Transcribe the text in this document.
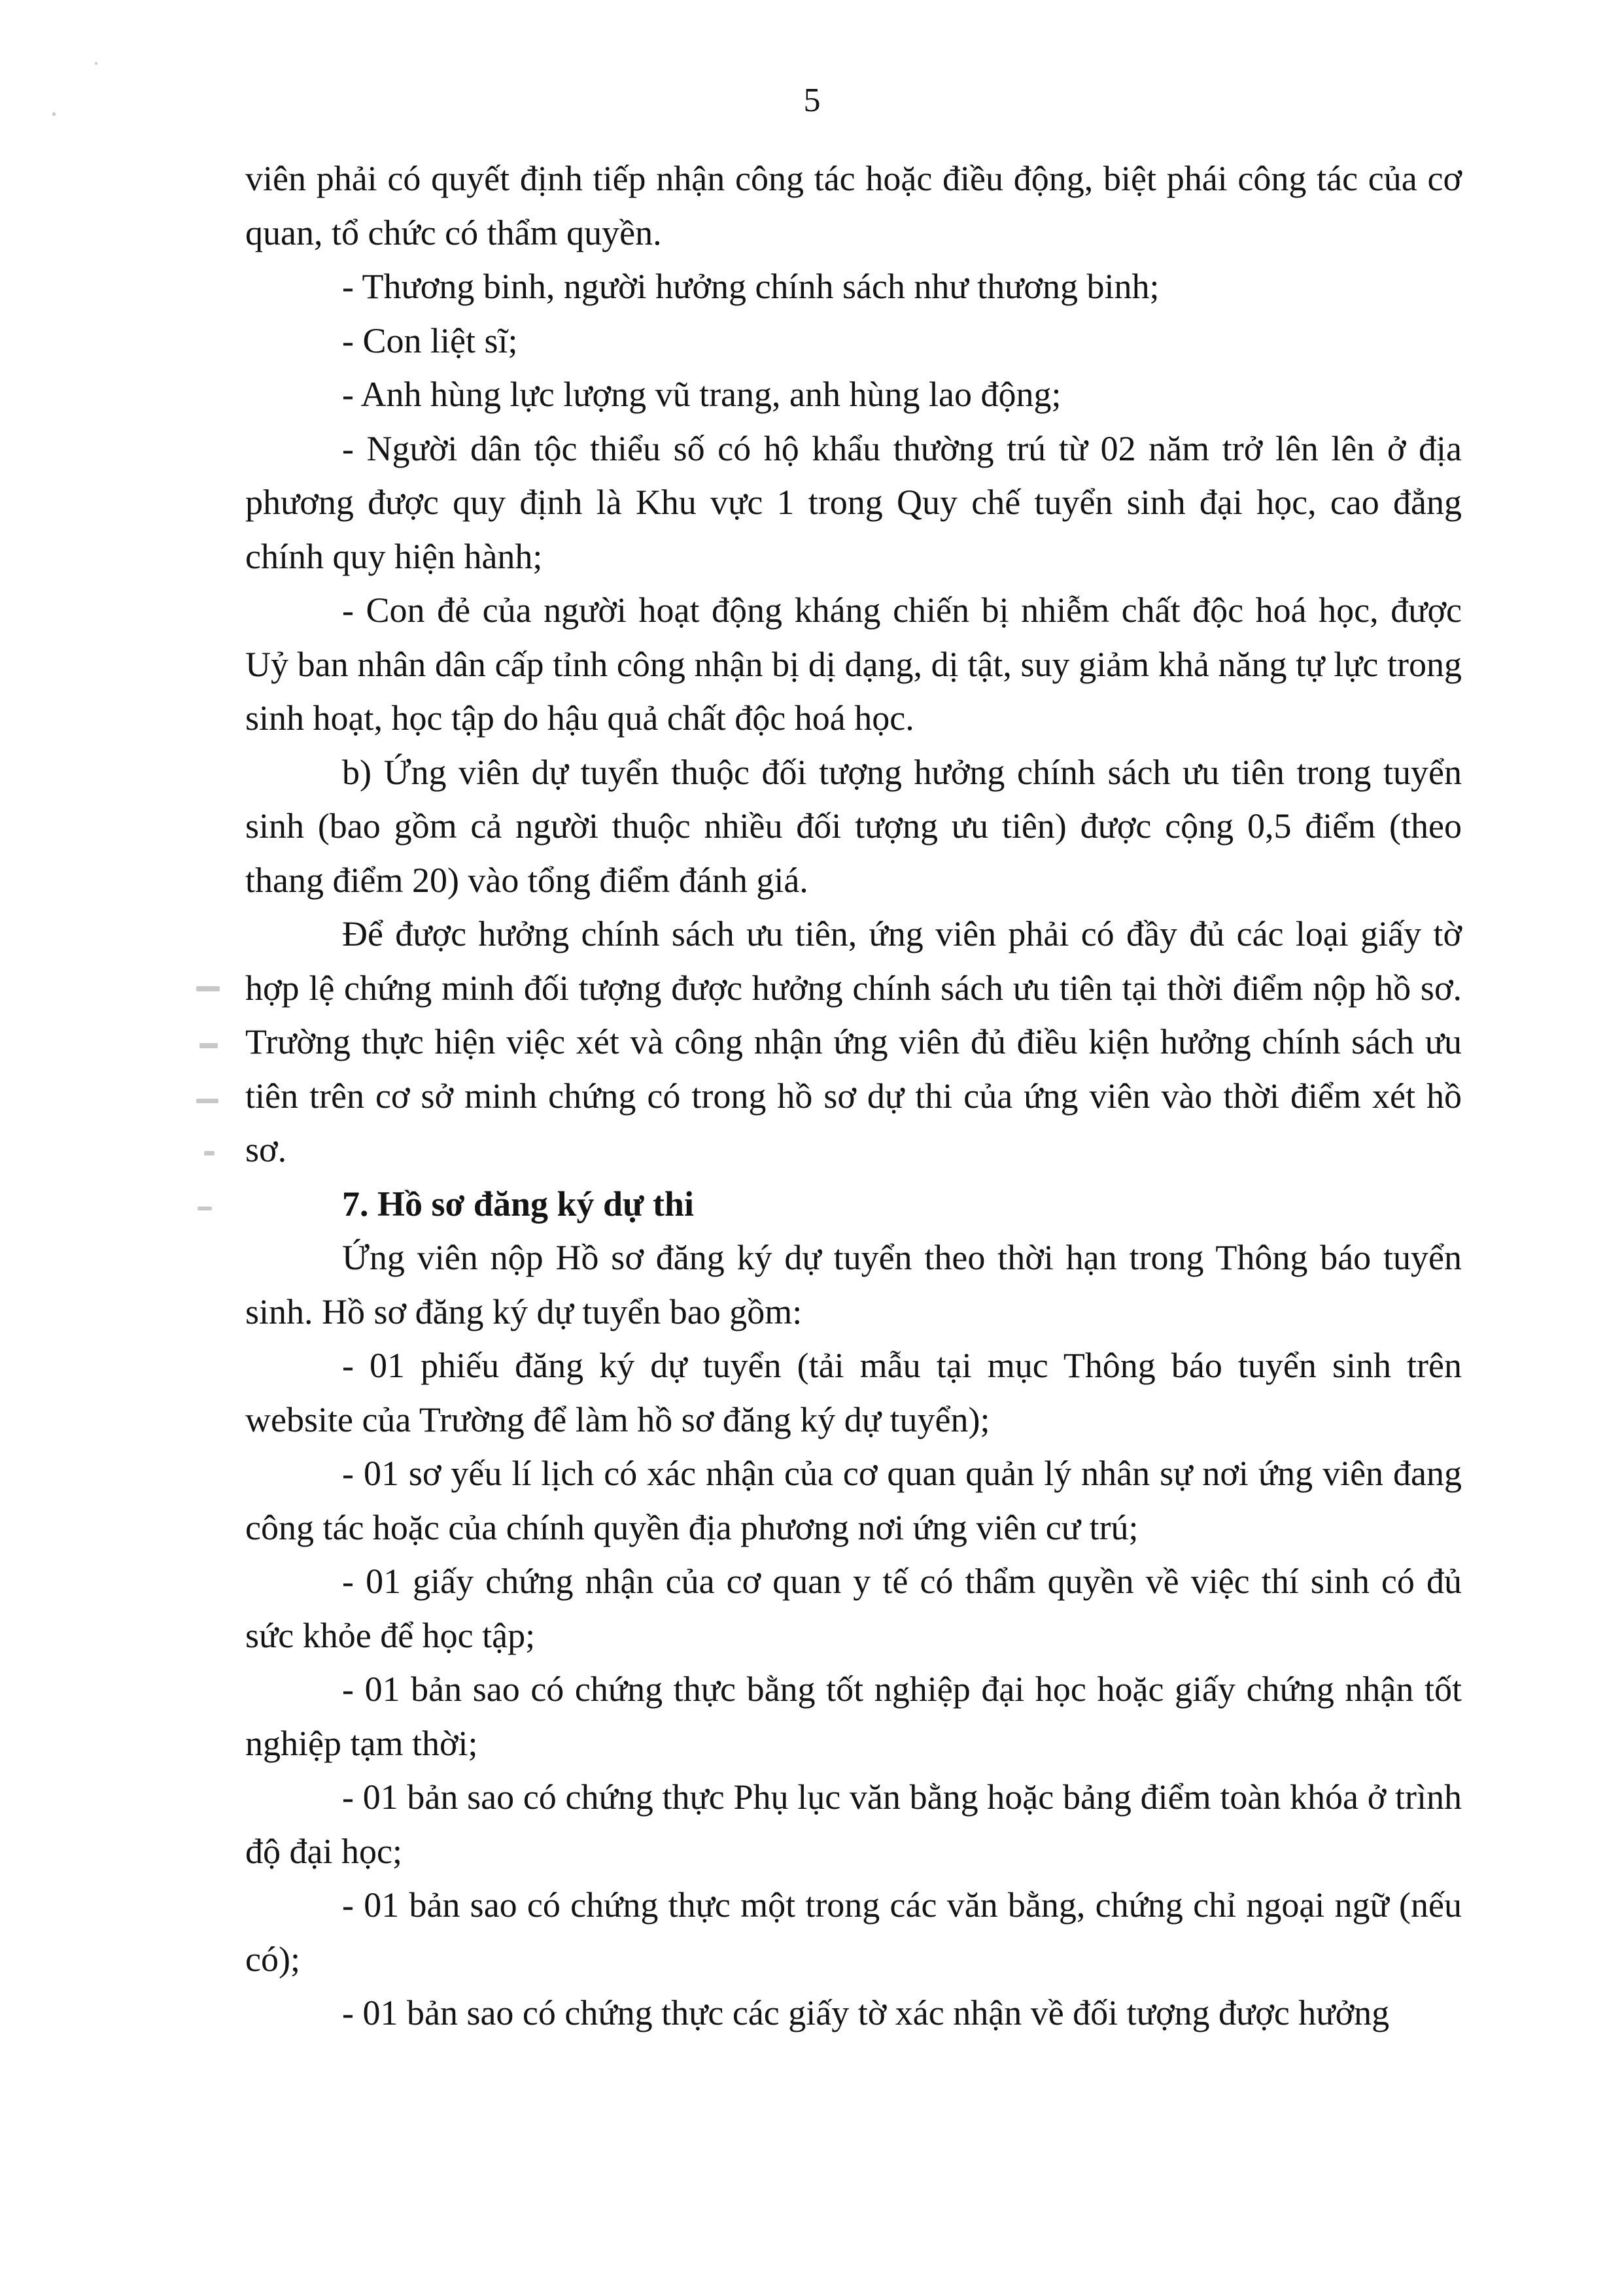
5

viên phải có quyết định tiếp nhận công tác hoặc điều động, biệt phái công tác của cơ quan, tổ chức có thẩm quyền.

- Thương binh, người hưởng chính sách như thương binh;

- Con liệt sĩ;

- Anh hùng lực lượng vũ trang, anh hùng lao động;

- Người dân tộc thiểu số có hộ khẩu thường trú từ 02 năm trở lên lên ở địa phương được quy định là Khu vực 1 trong Quy chế tuyển sinh đại học, cao đẳng chính quy hiện hành;

- Con đẻ của người hoạt động kháng chiến bị nhiễm chất độc hoá học, được Uỷ ban nhân dân cấp tỉnh công nhận bị dị dạng, dị tật, suy giảm khả năng tự lực trong sinh hoạt, học tập do hậu quả chất độc hoá học.

b) Ứng viên dự tuyển thuộc đối tượng hưởng chính sách ưu tiên trong tuyển sinh (bao gồm cả người thuộc nhiều đối tượng ưu tiên) được cộng 0,5 điểm (theo thang điểm 20) vào tổng điểm đánh giá.

Để được hưởng chính sách ưu tiên, ứng viên phải có đầy đủ các loại giấy tờ hợp lệ chứng minh đối tượng được hưởng chính sách ưu tiên tại thời điểm nộp hồ sơ. Trường thực hiện việc xét và công nhận ứng viên đủ điều kiện hưởng chính sách ưu tiên trên cơ sở minh chứng có trong hồ sơ dự thi của ứng viên vào thời điểm xét hồ sơ.

7. Hồ sơ đăng ký dự thi

Ứng viên nộp Hồ sơ đăng ký dự tuyển theo thời hạn trong Thông báo tuyển sinh. Hồ sơ đăng ký dự tuyển bao gồm:

- 01 phiếu đăng ký dự tuyển (tải mẫu tại mục Thông báo tuyển sinh trên website của Trường để làm hồ sơ đăng ký dự tuyển);

- 01 sơ yếu lí lịch có xác nhận của cơ quan quản lý nhân sự nơi ứng viên đang công tác hoặc của chính quyền địa phương nơi ứng viên cư trú;

- 01 giấy chứng nhận của cơ quan y tế có thẩm quyền về việc thí sinh có đủ sức khỏe để học tập;

- 01 bản sao có chứng thực bằng tốt nghiệp đại học hoặc giấy chứng nhận tốt nghiệp tạm thời;

- 01 bản sao có chứng thực Phụ lục văn bằng hoặc bảng điểm toàn khóa ở trình độ đại học;

- 01 bản sao có chứng thực một trong các văn bằng, chứng chỉ ngoại ngữ (nếu có);

- 01 bản sao có chứng thực các giấy tờ xác nhận về đối tượng được hưởng
